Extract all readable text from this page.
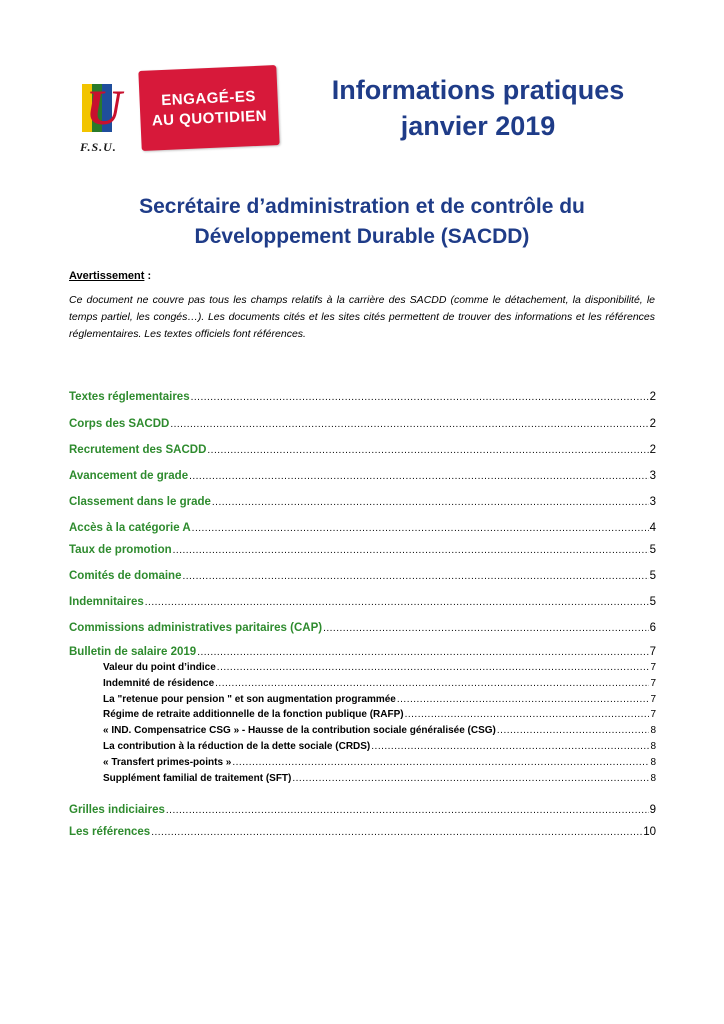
U
F.S.U.
ENGAGÉ-ES
AU QUOTIDIEN
Informations pratiques
janvier 2019
Secrétaire d’administration et de contrôle du
Développement Durable (SACDD)
Avertissement :
Ce document ne couvre pas tous les champs relatifs à la carrière des SACDD (comme le détachement, la disponibilité, le temps partiel, les congés…). Les documents cités et les sites cités permettent de trouver des informations et les références réglementaires. Les textes officiels font références.
Textes réglementaires .....	2
Corps des SACDD .....	2
Recrutement des SACDD .....	2
Avancement de grade .....	3
Classement dans le grade .....	3
Accès à la catégorie A .....	4
Taux de promotion .....	5
Comités de domaine .....	5
Indemnitaires .....	5
Commissions administratives paritaires (CAP) .....	6
Bulletin de salaire 2019 .....	7
Valeur du point d’indice .....	7
Indemnité de résidence .....	7
La "retenue pour pension " et son augmentation programmée .....	7
Régime de retraite additionnelle de la fonction publique (RAFP) .....	7
« IND. Compensatrice CSG » - Hausse de la contribution sociale généralisée (CSG) .....	8
La contribution à la réduction de la dette sociale (CRDS) .....	8
« Transfert primes-points » .....	8
Supplément familial de traitement (SFT) .....	8
Grilles indiciaires .....	9
Les références .....	10
